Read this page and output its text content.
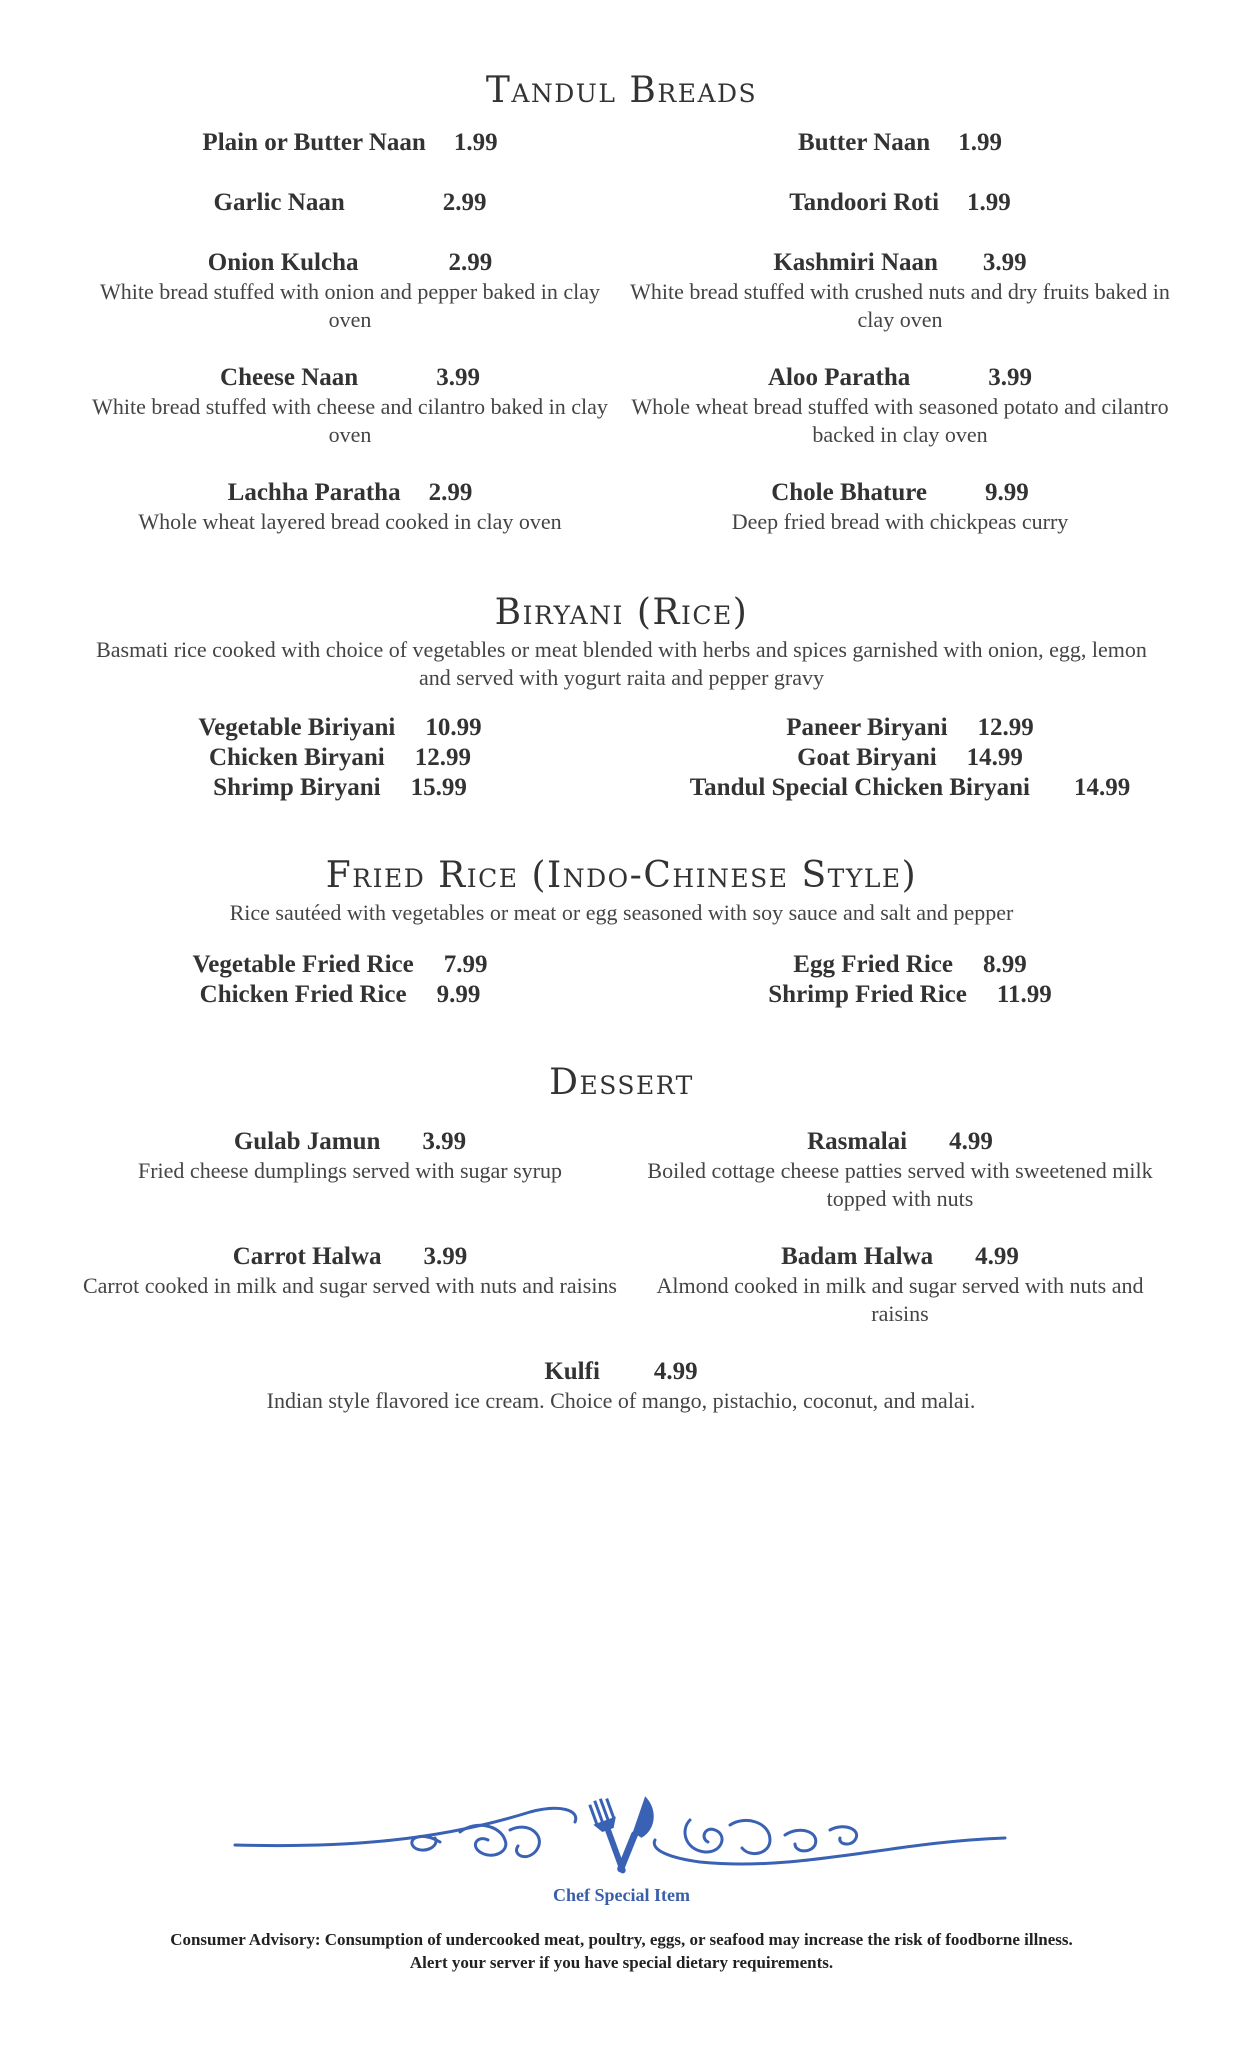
Tandul Breads
Plain or Butter Naan 1.99	Butter Naan 1.99
Garlic Naan	2.99	Tandoori Roti 1.99
Onion Kulcha	2.99
White bread stuffed with onion and pepper baked in clay oven
Kashmiri Naan 3.99
White bread stuffed with crushed nuts and dry fruits baked in clay oven
Cheese Naan	3.99
White bread stuffed with cheese and cilantro baked in clay oven
Aloo Paratha	3.99
Whole wheat bread stuffed with seasoned potato and cilantro backed in clay oven
Lachha Paratha 2.99
Whole wheat layered bread cooked in clay oven
Chole Bhature 9.99
Deep fried bread with chickpeas curry
Biryani (Rice)
Basmati rice cooked with choice of vegetables or meat blended with herbs and spices garnished with onion, egg, lemon and served with yogurt raita and pepper gravy
Vegetable Biriyani 10.99
Chicken Biryani 12.99
Shrimp Biryani 15.99
Paneer Biryani 12.99
Goat Biryani 14.99
Tandul Special Chicken Biryani 14.99
Fried Rice (Indo-Chinese Style)
Rice sautéed with vegetables or meat or egg seasoned with soy sauce and salt and pepper
Vegetable Fried Rice 7.99
Chicken Fried Rice 9.99
Egg Fried Rice 8.99
Shrimp Fried Rice 11.99
Dessert
Gulab Jamun 3.99
Fried cheese dumplings served with sugar syrup
Rasmalai 4.99
Boiled cottage cheese patties served with sweetened milk topped with nuts
Carrot Halwa 3.99
Carrot cooked in milk and sugar served with nuts and raisins
Badam Halwa 4.99
Almond cooked in milk and sugar served with nuts and raisins
Kulfi 4.99
Indian style flavored ice cream. Choice of mango, pistachio, coconut, and malai.
Chef Special Item
Consumer Advisory: Consumption of undercooked meat, poultry, eggs, or seafood may increase the risk of foodborne illness.
Alert your server if you have special dietary requirements.
